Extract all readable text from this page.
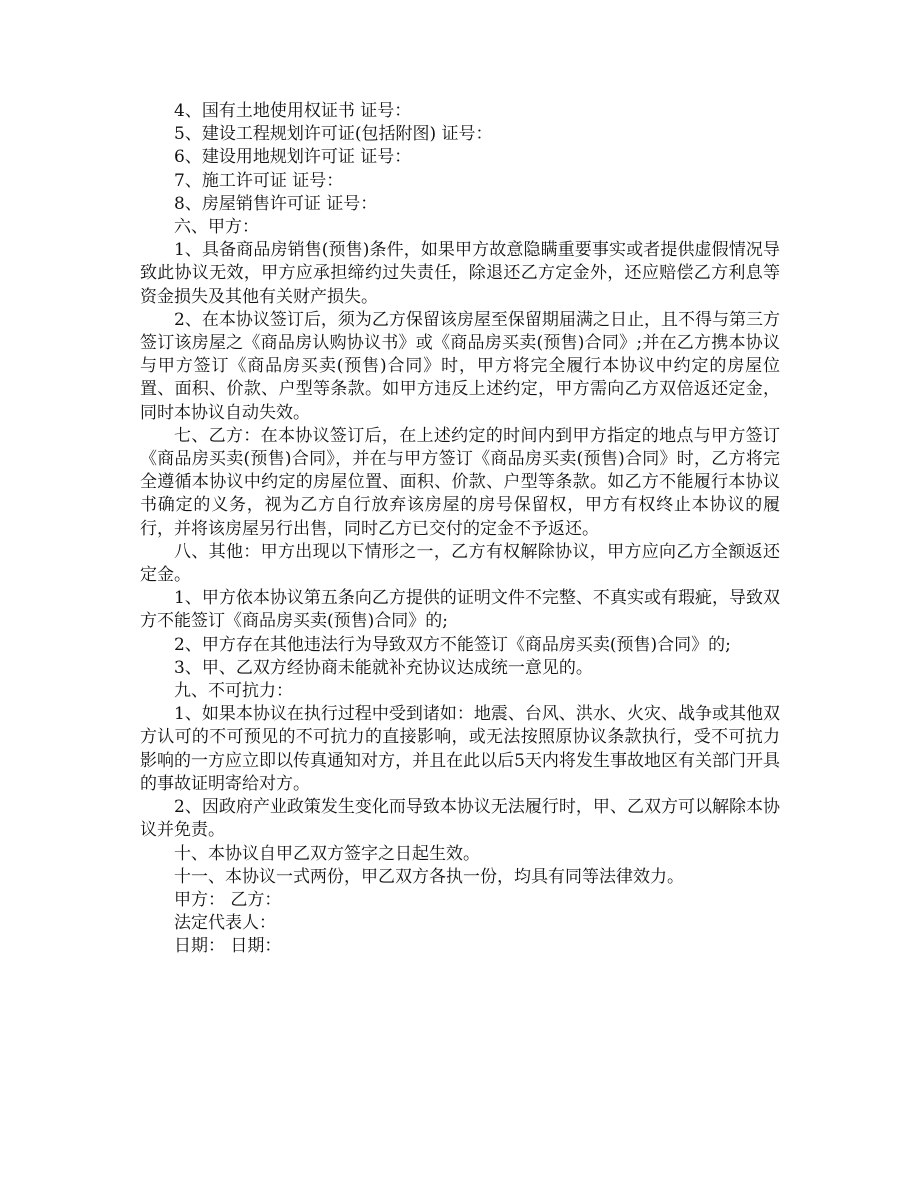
4、国有土地使用权证书 证号：

5、建设工程规划许可证(包括附图) 证号：

6、建设用地规划许可证 证号：

7、施工许可证 证号：

8、房屋销售许可证 证号：

六、甲方：

1、具备商品房销售(预售)条件，如果甲方故意隐瞒重要事实或者提供虚假情况导致此协议无效，甲方应承担缔约过失责任，除退还乙方定金外，还应赔偿乙方利息等资金损失及其他有关财产损失。

2、在本协议签订后，须为乙方保留该房屋至保留期届满之日止，且不得与第三方签订该房屋之《商品房认购协议书》或《商品房买卖(预售)合同》;并在乙方携本协议与甲方签订《商品房买卖(预售)合同》时，甲方将完全履行本协议中约定的房屋位置、面积、价款、户型等条款。如甲方违反上述约定，甲方需向乙方双倍返还定金，同时本协议自动失效。

七、乙方：在本协议签订后，在上述约定的时间内到甲方指定的地点与甲方签订《商品房买卖(预售)合同》，并在与甲方签订《商品房买卖(预售)合同》时，乙方将完全遵循本协议中约定的房屋位置、面积、价款、户型等条款。如乙方不能履行本协议书确定的义务，视为乙方自行放弃该房屋的房号保留权，甲方有权终止本协议的履行，并将该房屋另行出售，同时乙方已交付的定金不予返还。

八、其他：甲方出现以下情形之一，乙方有权解除协议，甲方应向乙方全额返还定金。

1、甲方依本协议第五条向乙方提供的证明文件不完整、不真实或有瑕疵，导致双方不能签订《商品房买卖(预售)合同》的;

2、甲方存在其他违法行为导致双方不能签订《商品房买卖(预售)合同》的;

3、甲、乙双方经协商未能就补充协议达成统一意见的。

九、不可抗力：

1、如果本协议在执行过程中受到诸如：地震、台风、洪水、火灾、战争或其他双方认可的不可预见的不可抗力的直接影响，或无法按照原协议条款执行，受不可抗力影响的一方应立即以传真通知对方，并且在此以后5天内将发生事故地区有关部门开具的事故证明寄给对方。

2、因政府产业政策发生变化而导致本协议无法履行时，甲、乙双方可以解除本协议并免责。

十、本协议自甲乙双方签字之日起生效。

十一、本协议一式两份，甲乙双方各执一份，均具有同等法律效力。

甲方： 乙方：

法定代表人：

日期： 日期：
